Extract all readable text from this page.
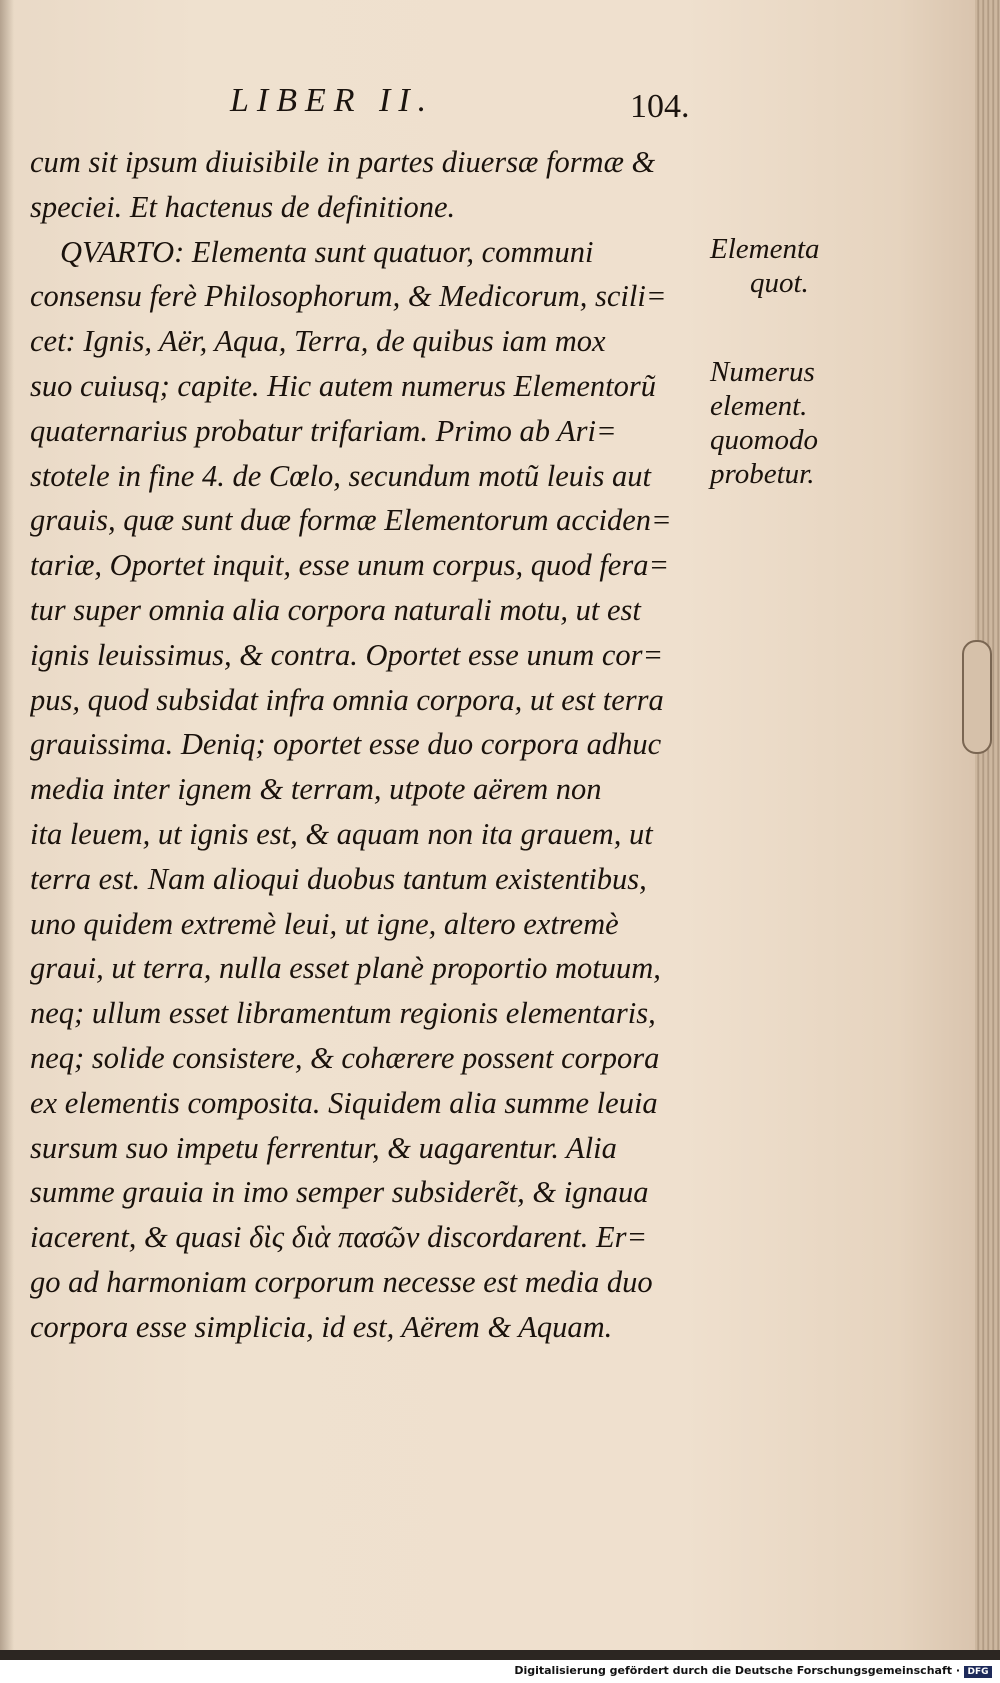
LIBER II.	104.
cum sit ipsum diuisibile in partes diuersæ formæ &
speciei. Et hactenus de definitione.
QVARTO: Elementa sunt quatuor, communi
consensu ferè Philosophorum, & Medicorum, scili=
cet: Ignis, Aër, Aqua, Terra, de quibus iam mox
suo cuiusq; capite. Hic autem numerus Elementorũ
quaternarius probatur trifariam. Primo ab Ari=
stotele in fine 4. de Cœlo, secundum motũ leuis aut
grauis, quæ sunt duæ formæ Elementorum acciden=
tariæ, Oportet inquit, esse unum corpus, quod fera=
tur super omnia alia corpora naturali motu, ut est
ignis leuissimus, & contra. Oportet esse unum cor=
pus, quod subsidat infra omnia corpora, ut est terra
grauissima. Deniq; oportet esse duo corpora adhuc
media inter ignem & terram, utpote aërem non
ita leuem, ut ignis est, & aquam non ita grauem, ut
terra est. Nam alioqui duobus tantum existentibus,
uno quidem extremè leui, ut igne, altero extremè
graui, ut terra, nulla esset planè proportio motuum,
neq; ullum esset libramentum regionis elementaris,
neq; solide consistere, & cohærere possent corpora
ex elementis composita. Siquidem alia summe leuia
sursum suo impetu ferrentur, & uagarentur. Alia
summe grauia in imo semper subsiderẽt, & ignaua
iacerent, & quasi δὶς διὰ πασῶν discordarent. Er=
go ad harmoniam corporum necesse est media duo
corpora esse simplicia, id est, Aërem & Aquam.
Elementa
quot.
Numerus
element.
quomodo
probetur.
Digitalisierung gefördert durch die Deutsche Forschungsgemeinschaft · DFG
